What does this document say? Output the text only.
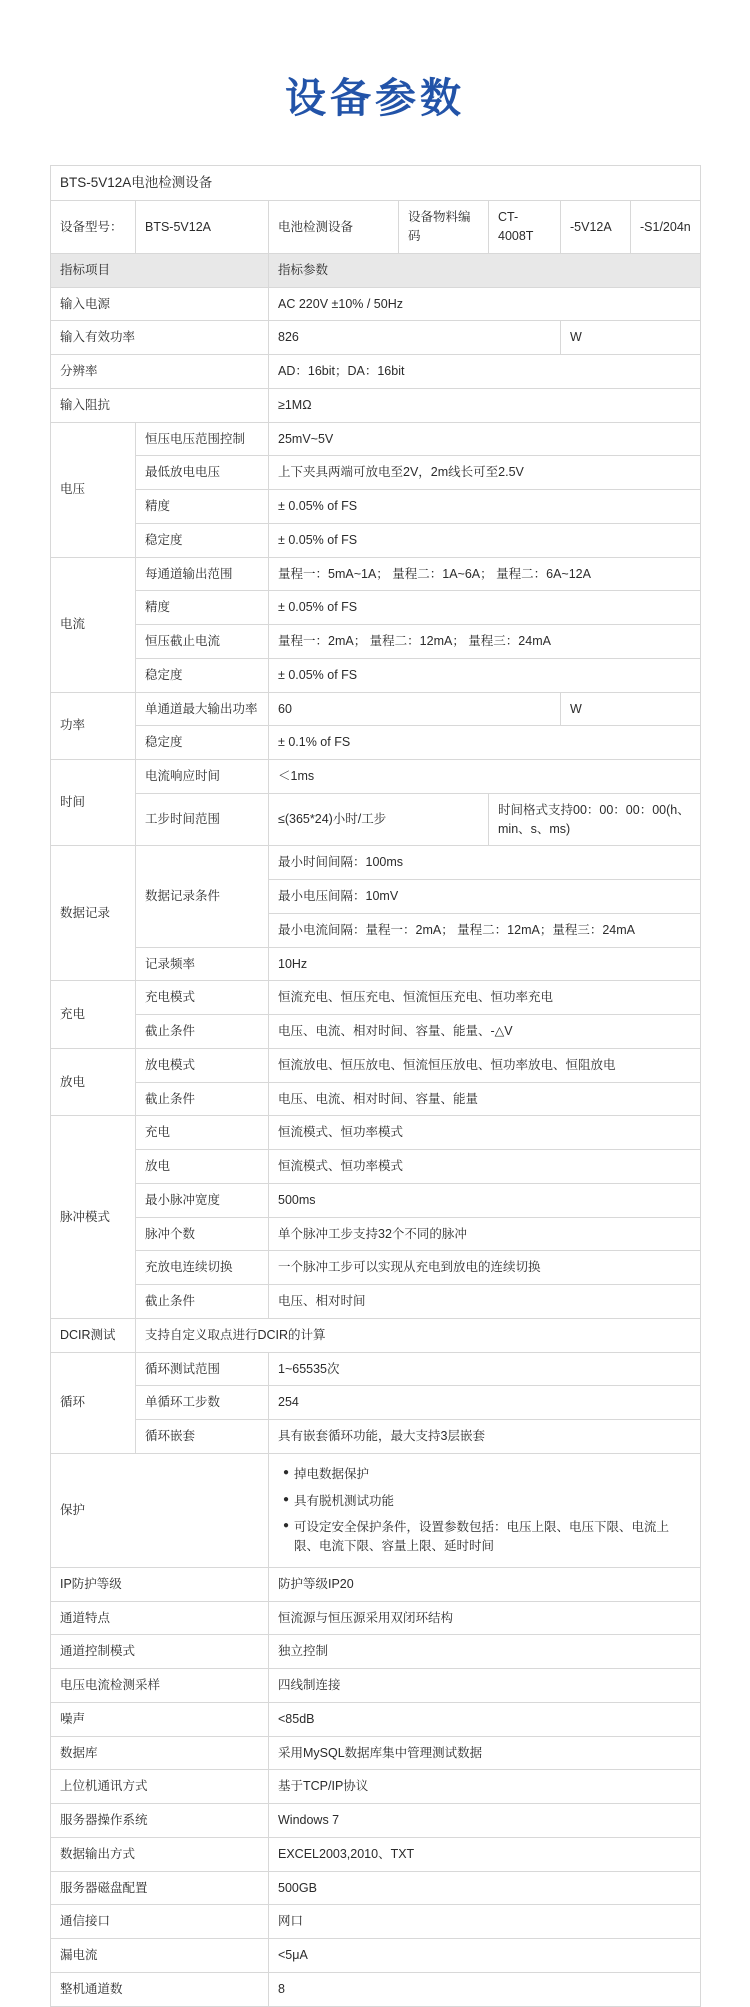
设备参数
BTS-5V12A电池检测设备						
设备型号：	BTS-5V12A	电池检测设备	设备物料编码	CT-4008T	-5V12A	-S1/204n
指标项目		指标参数				
输入电源		AC 220V ±10% / 50Hz				
输入有效功率		826			W	
分辨率		AD：16bit；DA：16bit				
输入阻抗		≥1MΩ				
电压	恒压电压范围控制	25mV~5V				
	最低放电电压	上下夹具两端可放电至2V，2m线长可至2.5V				
	精度	± 0.05% of FS				
	稳定度	± 0.05% of FS				
电流	每通道输出范围	量程一：5mA~1A； 量程二：1A~6A； 量程二：6A~12A				
	精度	± 0.05% of FS				
	恒压截止电流	量程一：2mA； 量程二：12mA； 量程三：24mA				
	稳定度	± 0.05% of FS				
功率	单通道最大输出功率	60			W	
	稳定度	± 0.1% of FS				
时间	电流响应时间	＜1ms				
	工步时间范围	≤(365*24)小时/工步		时间格式支持00：00：00：00(h、min、s、ms)		
数据记录	数据记录条件	最小时间间隔：100ms				
		最小电压间隔：10mV				
		最小电流间隔：量程一：2mA； 量程二：12mA；量程三：24mA				
	记录频率	10Hz				
充电	充电模式	恒流充电、恒压充电、恒流恒压充电、恒功率充电				
	截止条件	电压、电流、相对时间、容量、能量、-△V				
放电	放电模式	恒流放电、恒压放电、恒流恒压放电、恒功率放电、恒阻放电				
	截止条件	电压、电流、相对时间、容量、能量				
脉冲模式	充电	恒流模式、恒功率模式				
	放电	恒流模式、恒功率模式				
	最小脉冲宽度	500ms				
	脉冲个数	单个脉冲工步支持32个不同的脉冲				
	充放电连续切换	一个脉冲工步可以实现从充电到放电的连续切换				
	截止条件	电压、相对时间				
DCIR测试	支持自定义取点进行DCIR的计算					
循环	循环测试范围	1~65535次				
	单循环工步数	254				
	循环嵌套	具有嵌套循环功能，最大支持3层嵌套				
保护	
● 掉电数据保护
● 具有脱机测试功能
● 可设定安全保护条件，设置参数包括：电压上限、电压下限、电流上限、电流下限、容量上限、延时时间

IP防护等级		防护等级IP20				
通道特点		恒流源与恒压源采用双闭环结构				
通道控制模式		独立控制				
电压电流检测采样		四线制连接				
噪声		<85dB				
数据库		采用MySQL数据库集中管理测试数据				
上位机通讯方式		基于TCP/IP协议				
服务器操作系统		Windows 7				
数据输出方式		EXCEL2003,2010、TXT				
服务器磁盘配置		500GB				
通信接口		网口				
漏电流		<5μA				
整机通道数		8				
